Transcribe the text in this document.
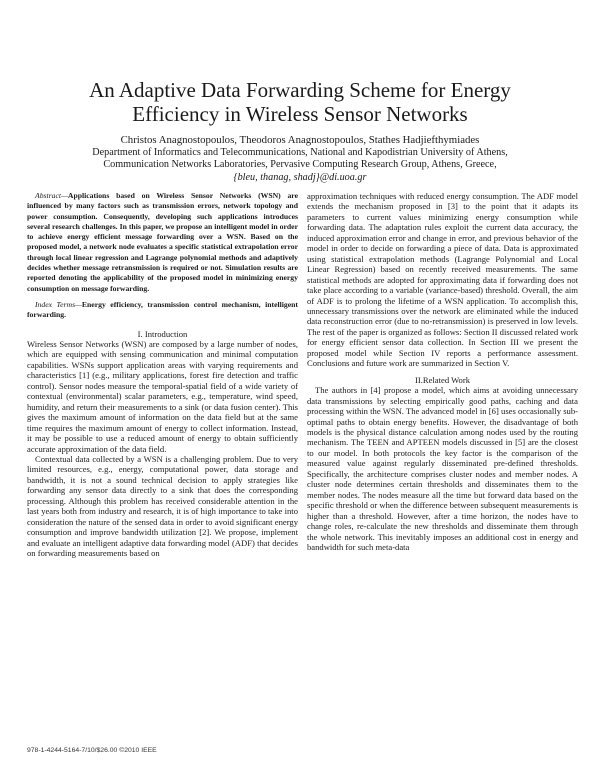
An Adaptive Data Forwarding Scheme for Energy
Efficiency in Wireless Sensor Networks
Christos Anagnostopoulos, Theodoros Anagnostopoulos, Stathes Hadjiefthymiades
Department of Informatics and Telecommunications, National and Kapodistrian University of Athens,
Communication Networks Laboratories, Pervasive Computing Research Group, Athens, Greece,
{bleu, thanag, shadj}@di.uoa.gr

Abstract—Applications based on Wireless Sensor Networks (WSN) are influenced by many factors such as transmission errors, network topology and power consumption. Consequently, developing such applications introduces several research challenges. In this paper, we propose an intelligent model in order to achieve energy efficient message forwarding over a WSN. Based on the proposed model, a network node evaluates a specific statistical extrapolation error through local linear regression and Lagrange polynomial methods and adaptively decides whether message retransmission is required or not. Simulation results are reported denoting the applicability of the proposed model in minimizing energy consumption on message forwarding.

Index Terms—Energy efficiency, transmission control mechanism, intelligent forwarding.

I. Introduction

Wireless Sensor Networks (WSN) are composed by a large number of nodes, which are equipped with sensing communication and minimal computation capabilities. WSNs support application areas with varying requirements and characteristics [1] (e.g., military applications, forest fire detection and traffic control). Sensor nodes measure the temporal-spatial field of a wide variety of contextual (environmental) scalar parameters, e.g., temperature, wind speed, humidity, and return their measurements to a sink (or data fusion center). This gives the maximum amount of information on the data field but at the same time requires the maximum amount of energy to collect information. Instead, it may be possible to use a reduced amount of energy to obtain sufficiently accurate approximation of the data field.

Contextual data collected by a WSN is a challenging problem. Due to very limited resources, e.g., energy, computational power, data storage and bandwidth, it is not a sound technical decision to apply strategies like forwarding any sensor data directly to a sink that does the corresponding processing. Although this problem has received considerable attention in the last years both from industry and research, it is of high importance to take into consideration the nature of the sensed data in order to avoid significant energy consumption and improve bandwidth utilization [2]. We propose, implement and evaluate an intelligent adaptive data forwarding model (ADF) that decides on forwarding measurements based on

approximation techniques with reduced energy consumption. The ADF model extends the mechanism proposed in [3] to the point that it adapts its parameters to current values minimizing energy consumption while forwarding data. The adaptation rules exploit the current data accuracy, the induced approximation error and change in error, and previous behavior of the model in order to decide on forwarding a piece of data. Data is approximated using statistical extrapolation methods (Lagrange Polynomial and Local Linear Regression) based on recently received measurements. The same statistical methods are adopted for approximating data if forwarding does not take place according to a variable (variance-based) threshold. Overall, the aim of ADF is to prolong the lifetime of a WSN application. To accomplish this, unnecessary transmissions over the network are eliminated while the induced data reconstruction error (due to no-retransmission) is preserved in low levels. The rest of the paper is organized as follows: Section II discussed related work for energy efficient sensor data collection. In Section III we present the proposed model while Section IV reports a performance assessment. Conclusions and future work are summarized in Section V.

II.Related Work

The authors in [4] propose a model, which aims at avoiding unnecessary data transmissions by selecting empirically good paths, caching and data processing within the WSN. The advanced model in [6] uses occasionally sub-optimal paths to obtain energy benefits. However, the disadvantage of both models is the physical distance calculation among nodes used by the routing mechanism. The TEEN and APTEEN models discussed in [5] are the closest to our model. In both protocols the key factor is the comparison of the measured value against regularly disseminated pre-defined thresholds. Specifically, the architecture comprises cluster nodes and member nodes. A cluster node determines certain thresholds and disseminates them to the member nodes. The nodes measure all the time but forward data based on the specific threshold or when the difference between subsequent measurements is higher than a threshold. However, after a time horizon, the nodes have to change roles, re-calculate the new thresholds and disseminate them through the whole network. This inevitably imposes an additional cost in energy and bandwidth for such meta-data

978-1-4244-5164-7/10/$26.00 ©2010 IEEE
